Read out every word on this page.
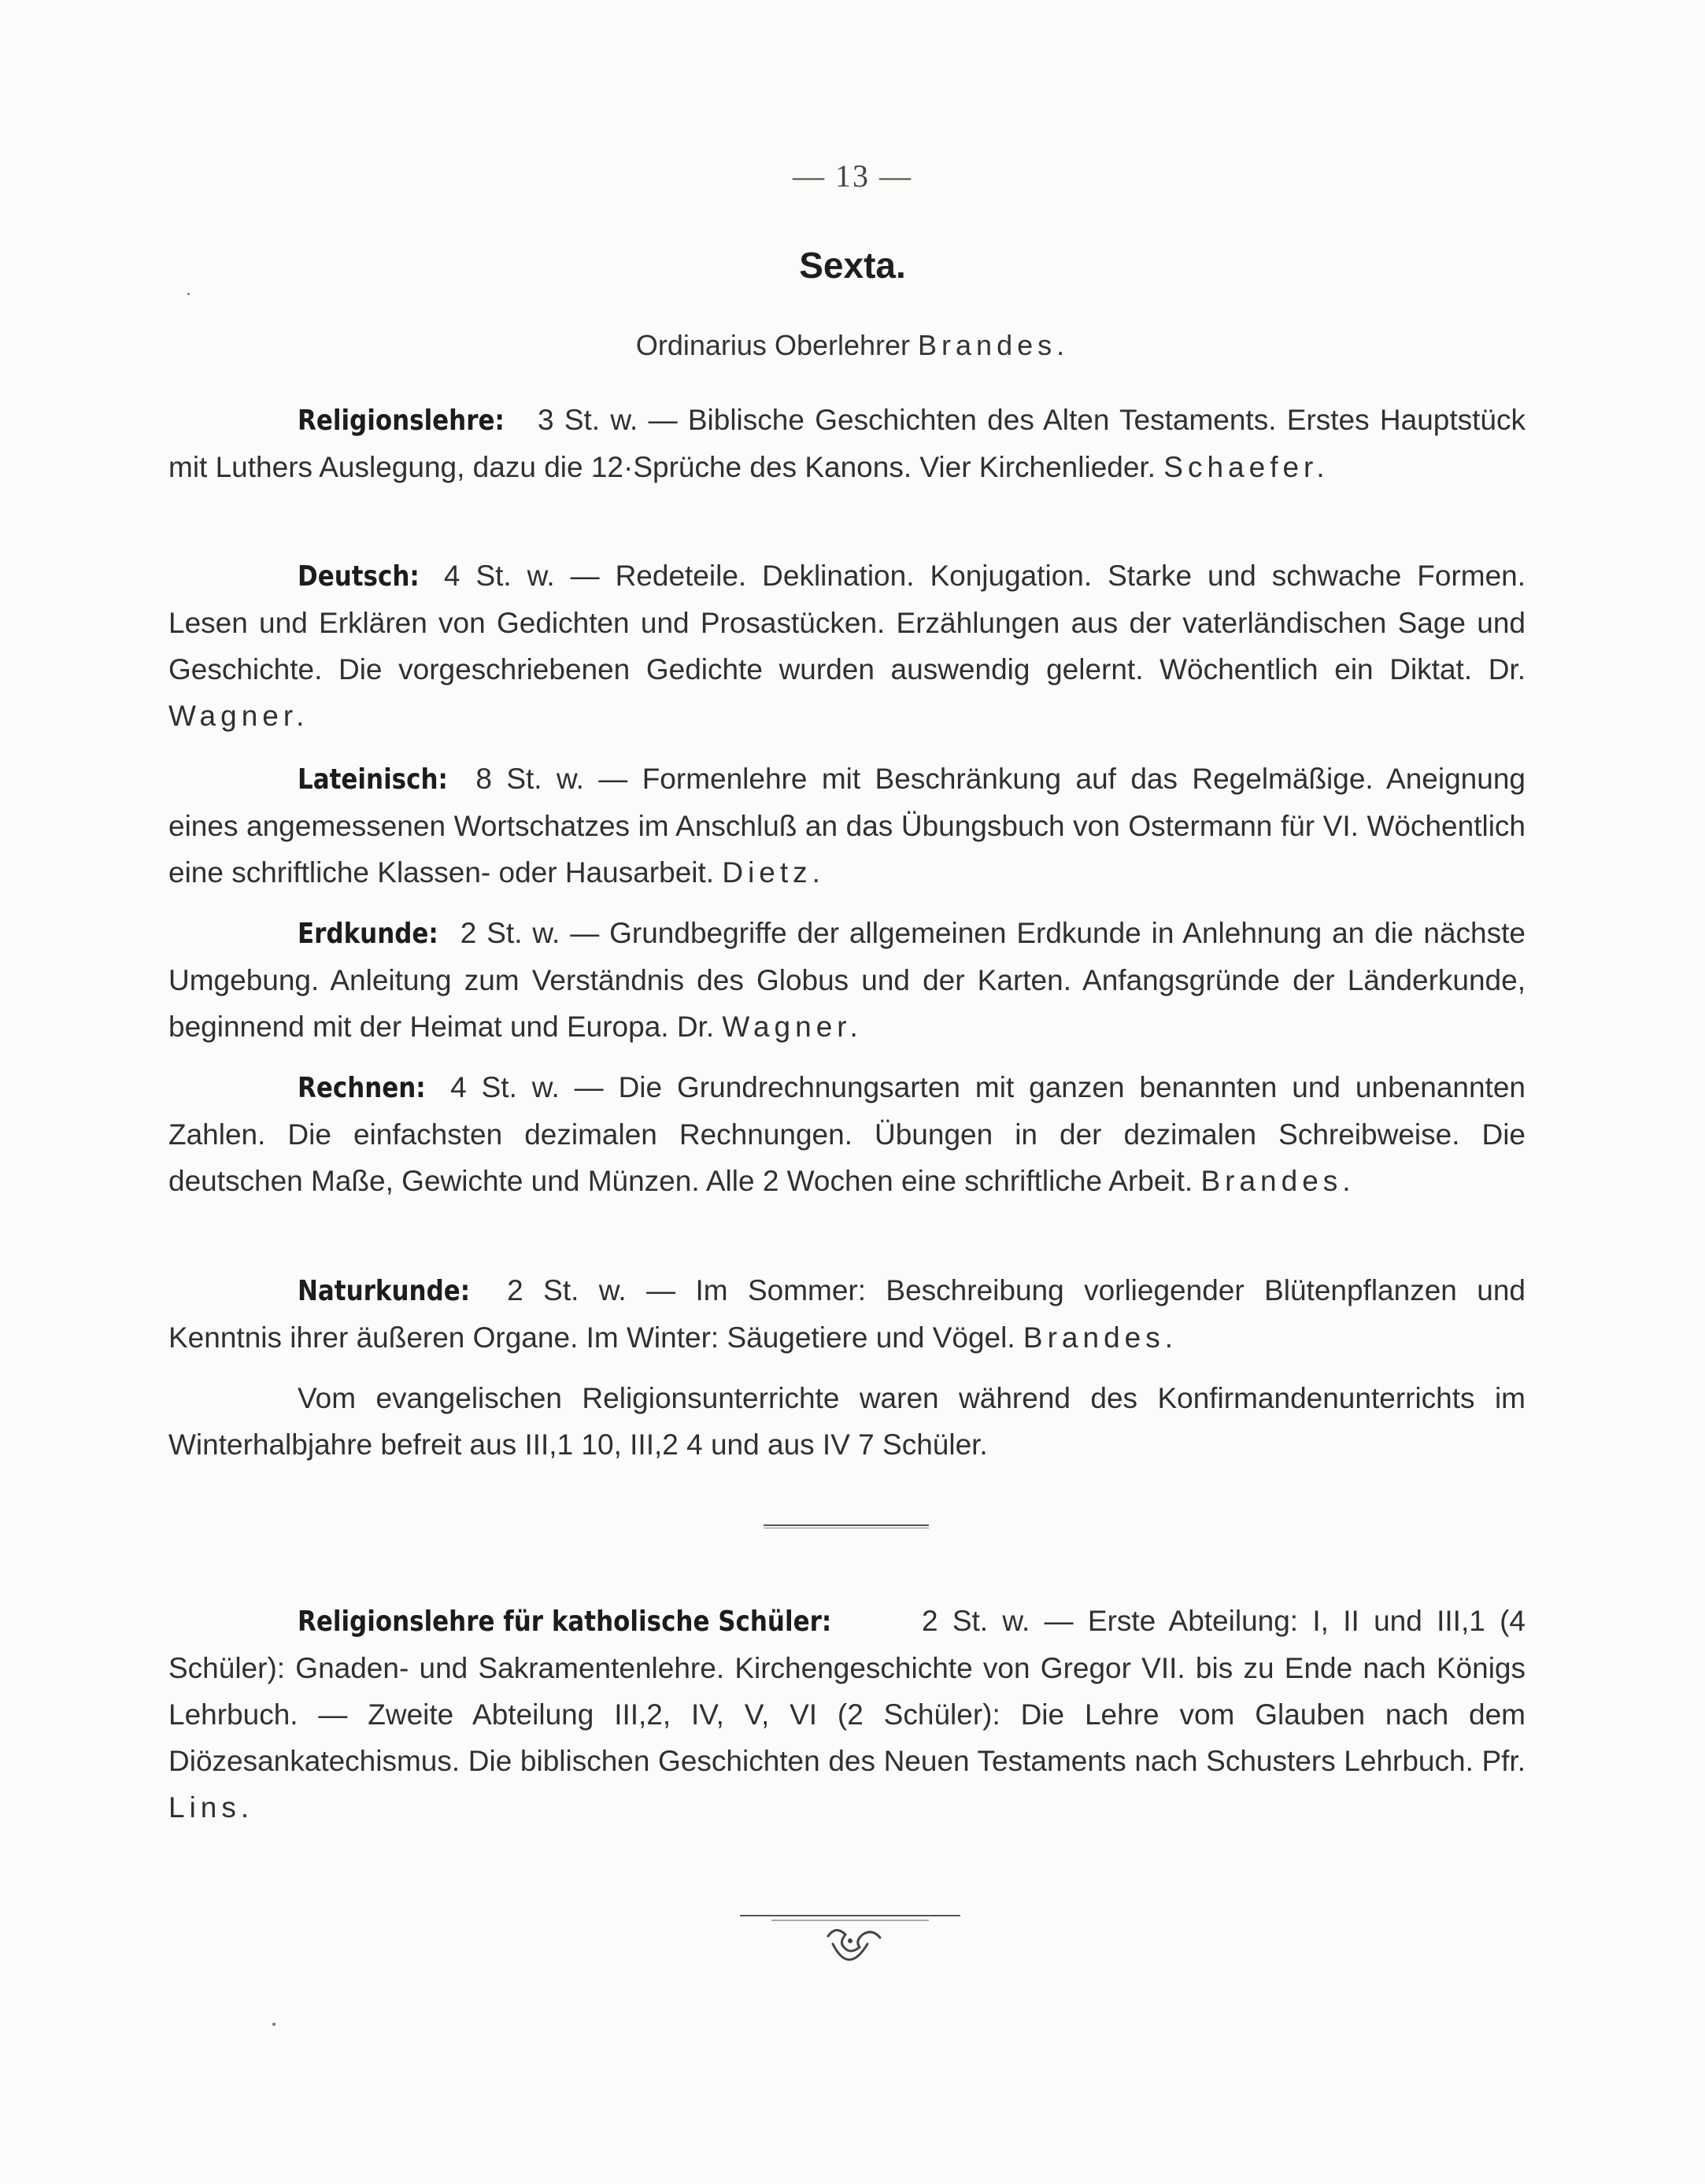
— 13 —
Sexta.
Ordinarius Oberlehrer Brandes.
Religionslehre: 3 St. w. — Biblische Geschichten des Alten Testaments. Erstes Hauptstück mit Luthers Auslegung, dazu die 12·Sprüche des Kanons. Vier Kirchenlieder. Schaefer.
Deutsch: 4 St. w. — Redeteile. Deklination. Konjugation. Starke und schwache Formen. Lesen und Erklären von Gedichten und Prosastücken. Erzählungen aus der vaterländischen Sage und Geschichte. Die vorgeschriebenen Gedichte wurden auswendig gelernt. Wöchentlich ein Diktat. Dr. Wagner.
Lateinisch: 8 St. w. — Formenlehre mit Beschränkung auf das Regelmäßige. Aneignung eines angemessenen Wortschatzes im Anschluß an das Übungsbuch von Ostermann für VI. Wöchentlich eine schriftliche Klassen- oder Hausarbeit. Dietz.
Erdkunde: 2 St. w. — Grundbegriffe der allgemeinen Erdkunde in Anlehnung an die nächste Umgebung. Anleitung zum Verständnis des Globus und der Karten. Anfangsgründe der Länderkunde, beginnend mit der Heimat und Europa. Dr. Wagner.
Rechnen: 4 St. w. — Die Grundrechnungsarten mit ganzen benannten und unbenannten Zahlen. Die einfachsten dezimalen Rechnungen. Übungen in der dezimalen Schreibweise. Die deutschen Maße, Gewichte und Münzen. Alle 2 Wochen eine schriftliche Arbeit. Brandes.
Naturkunde: 2 St. w. — Im Sommer: Beschreibung vorliegender Blütenpflanzen und Kenntnis ihrer äußeren Organe. Im Winter: Säugetiere und Vögel. Brandes.
Vom evangelischen Religionsunterrichte waren während des Konfirmandenunterrichts im Winterhalbjahre befreit aus III,1 10, III,2 4 und aus IV 7 Schüler.
Religionslehre für katholische Schüler:	2 St. w. — Erste Abteilung: I, II und III,1 (4 Schüler): Gnaden- und Sakramentenlehre. Kirchengeschichte von Gregor VII. bis zu Ende nach Königs Lehrbuch. — Zweite Abteilung III,2, IV, V, VI (2 Schüler): Die Lehre vom Glauben nach dem Diözesankatechismus. Die biblischen Geschichten des Neuen Testaments nach Schusters Lehrbuch. Pfr. Lins.
